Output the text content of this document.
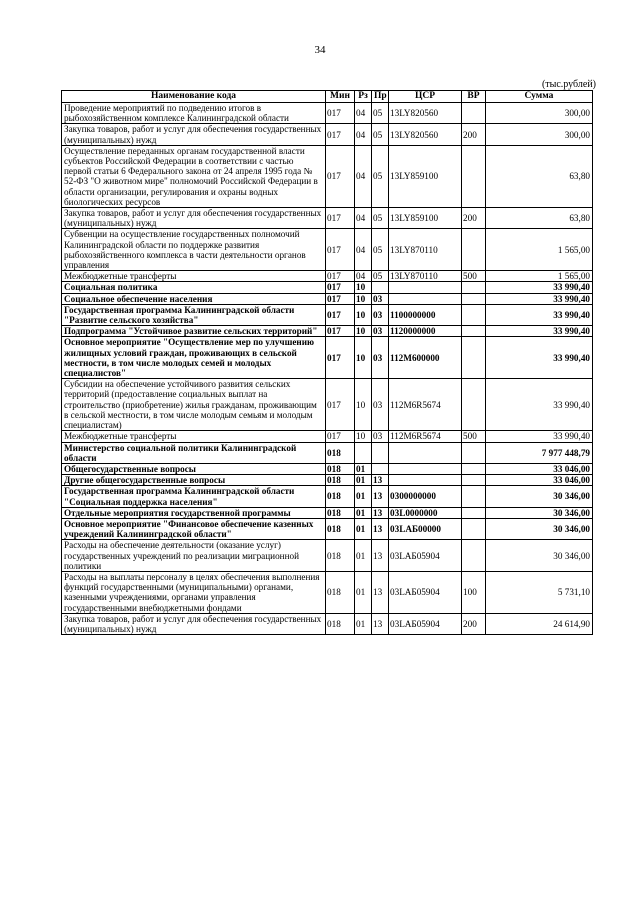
34
(тыс.рублей)
Наименование кода	Мин	Рз	Пр	ЦСР	ВР	Сумма
Проведение мероприятий по подведению итогов в рыбохозяйственном комплексе Калининградской области	017	04	05	13LY820560		300,00
Закупка товаров, работ и услуг для обеспечения государственных (муниципальных) нужд	017	04	05	13LY820560	200	300,00
Осуществление переданных органам государственной власти субъектов Российской Федерации в соответствии с частью первой статьи 6 Федерального закона от 24 апреля 1995 года № 52-ФЗ "О животном мире" полномочий Российской Федерации в области организации, регулирования и охраны водных биологических ресурсов	017	04	05	13LY859100		63,80
Закупка товаров, работ и услуг для обеспечения государственных (муниципальных) нужд	017	04	05	13LY859100	200	63,80
Субвенции на осуществление государственных полномочий Калининградской области по поддержке развития рыбохозяйственного комплекса в части деятельности органов управления	017	04	05	13LY870110		1 565,00
Межбюджетные трансферты	017	04	05	13LY870110	500	1 565,00
Социальная политика	017	10				33 990,40
Социальное обеспечение населения	017	10	03			33 990,40
Государственная программа Калининградской области "Развитие сельского хозяйства"	017	10	03	1100000000		33 990,40
Подпрограмма "Устойчивое развитие сельских территорий"	017	10	03	1120000000		33 990,40
Основное мероприятие "Осуществление мер по улучшению жилищных условий граждан, проживающих в сельской местности, в том числе молодых семей и молодых специалистов"	017	10	03	112M600000		33 990,40
Субсидии на обеспечение устойчивого развития сельских территорий (предоставление социальных выплат на строительство (приобретение) жилья гражданам, проживающим в сельской местности, в том числе молодым семьям и молодым специалистам)	017	10	03	112M6R5674		33 990,40
Межбюджетные трансферты	017	10	03	112M6R5674	500	33 990,40
Министерство социальной политики Калининградской области	018					7 977 448,79
Общегосударственные вопросы	018	01				33 046,00
Другие общегосударственные вопросы	018	01	13			33 046,00
Государственная программа Калининградской области "Социальная поддержка населения"	018	01	13	0300000000		30 346,00
Отдельные мероприятия государственной программы	018	01	13	03L0000000		30 346,00
Основное мероприятие "Финансовое обеспечение казенных учреждений Калининградской области"	018	01	13	03LAБ00000		30 346,00
Расходы на обеспечение деятельности (оказание услуг) государственных учреждений по реализации миграционной политики	018	01	13	03LAБ05904		30 346,00
Расходы на выплаты персоналу в целях обеспечения выполнения функций государственными (муниципальными) органами, казенными учреждениями, органами управления государственными внебюджетными фондами	018	01	13	03LAБ05904	100	5 731,10
Закупка товаров, работ и услуг для обеспечения государственных (муниципальных) нужд	018	01	13	03LAБ05904	200	24 614,90
